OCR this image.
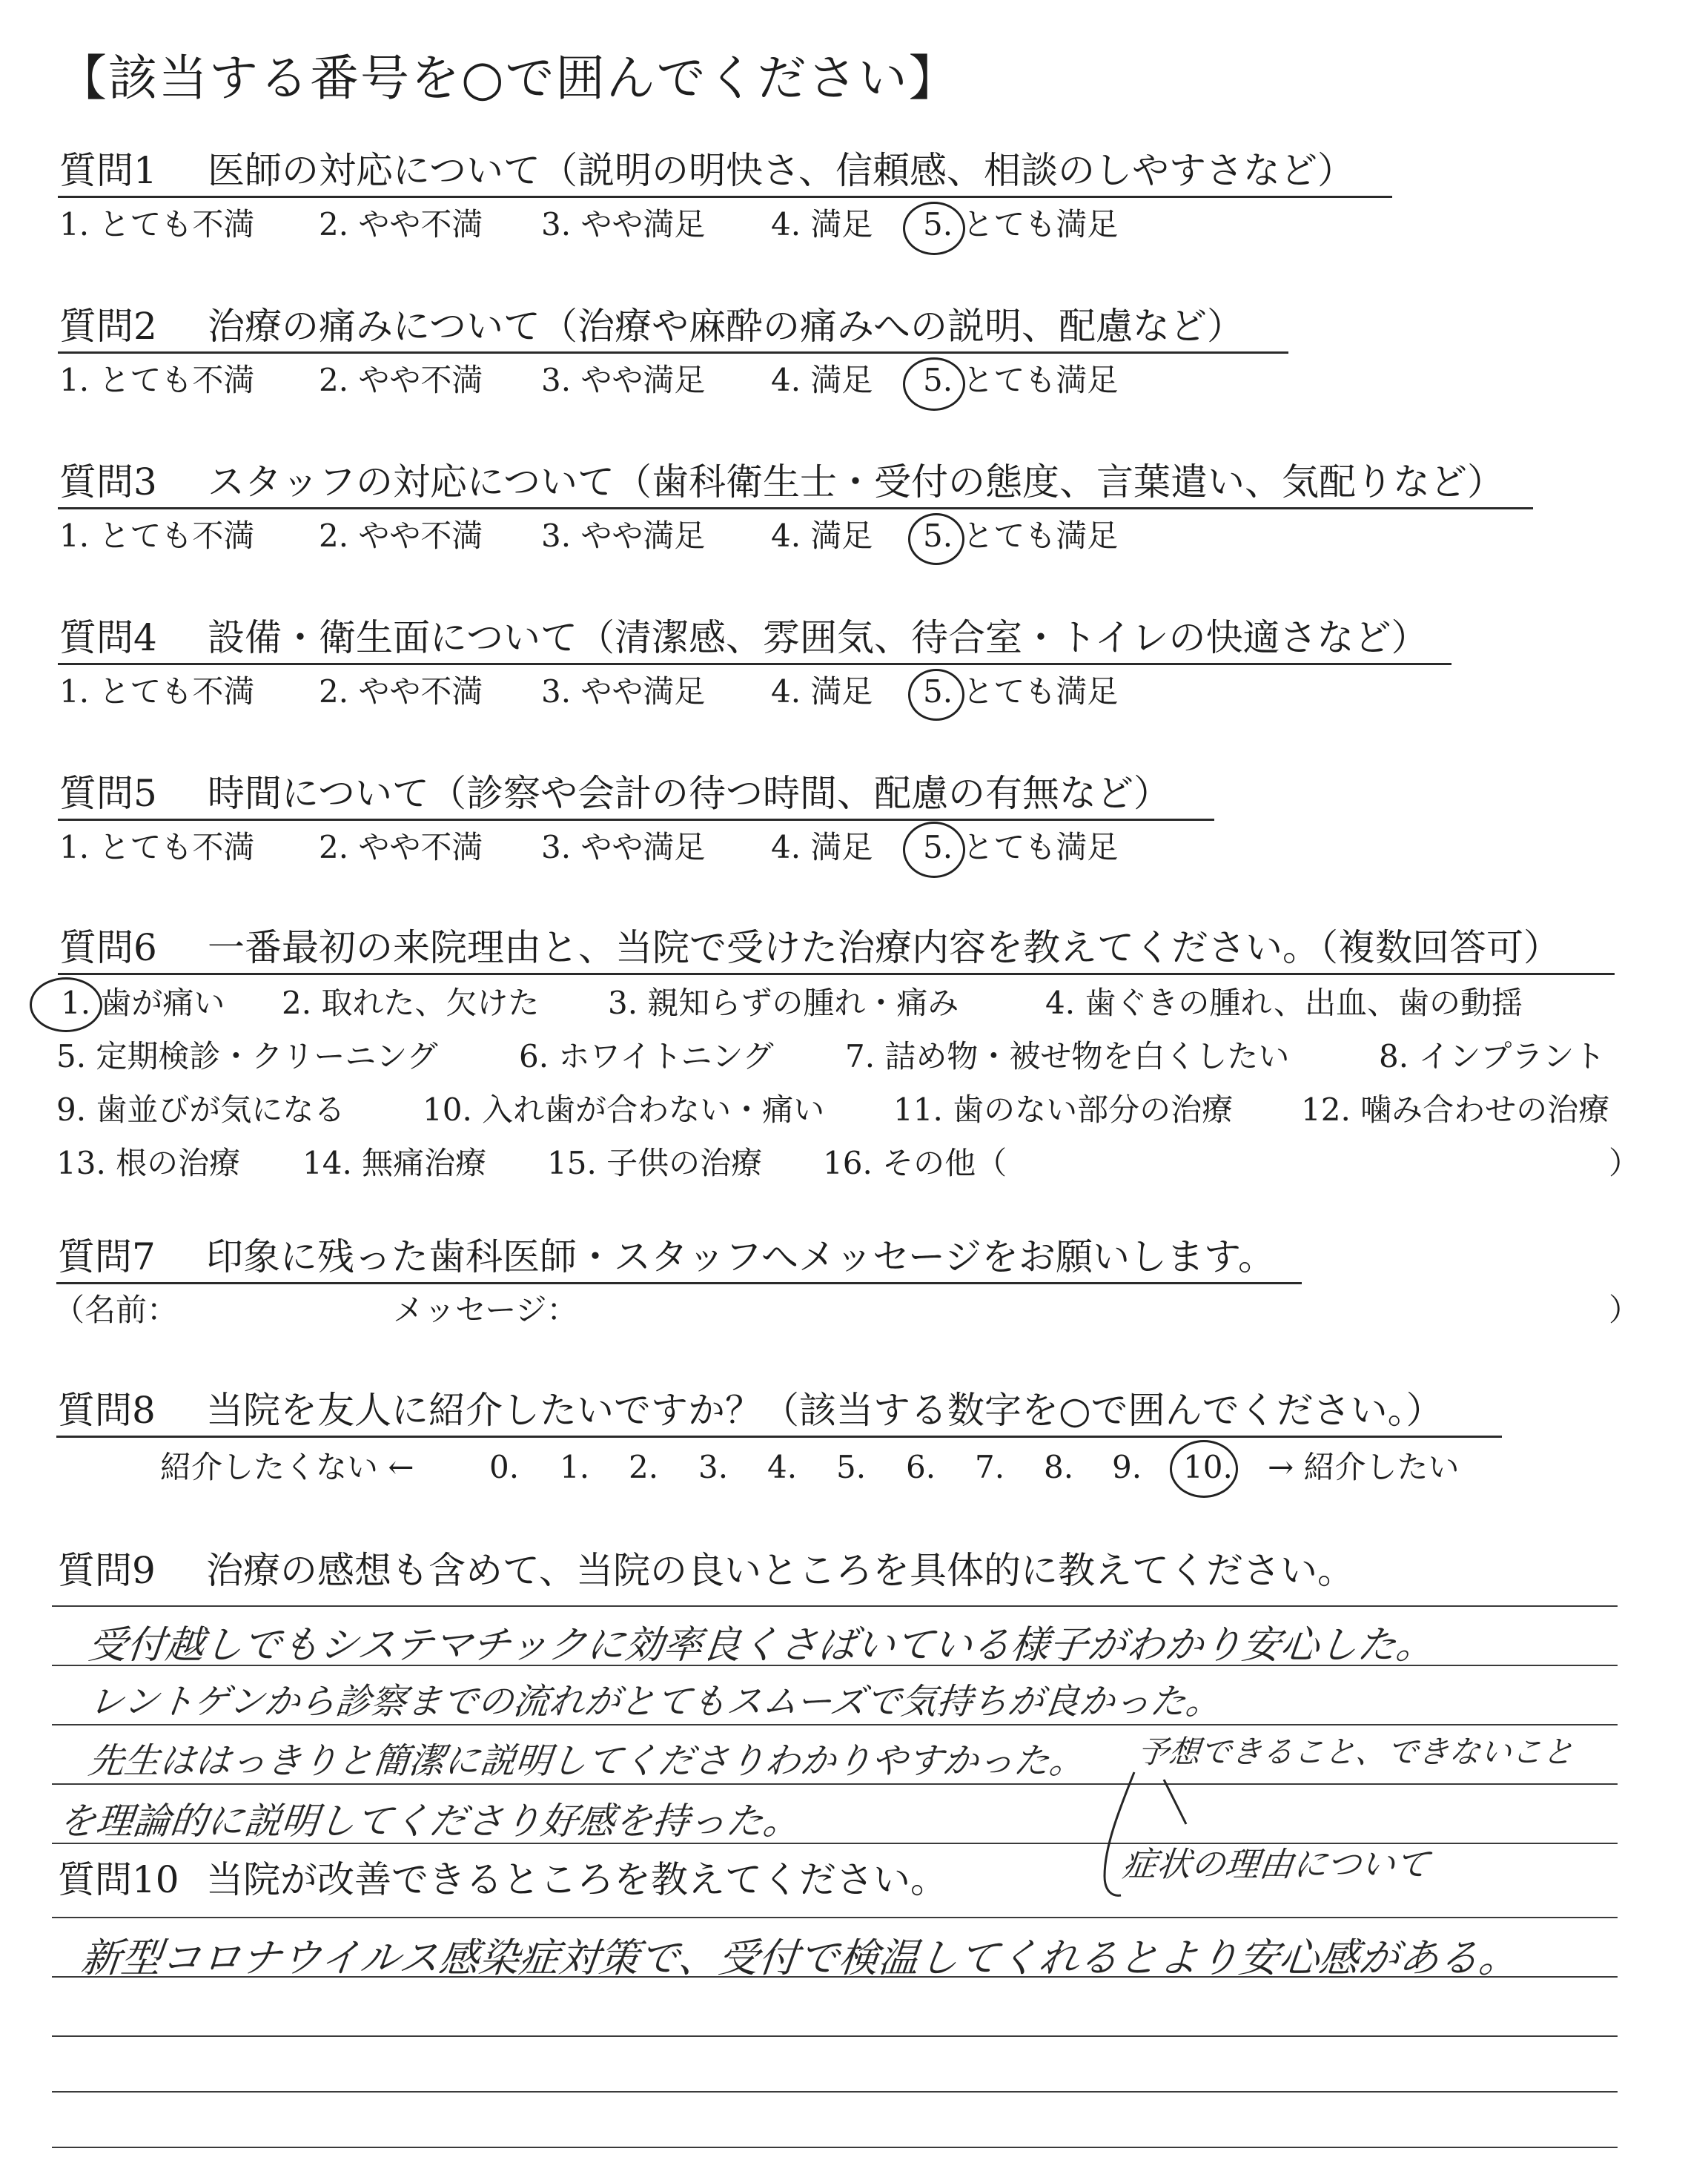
【該当する番号を○で囲んでください】
質問1 医師の対応について（説明の明快さ、信頼感、相談のしやすさなど）
1. とても不満 2. やや不満 3. やや満足 4. 満足 5. とても満足
質問2 治療の痛みについて（治療や麻酔の痛みへの説明、配慮など）
1. とても不満 2. やや不満 3. やや満足 4. 満足 5. とても満足
質問3 スタッフの対応について（歯科衛生士・受付の態度、言葉遣い、気配りなど）
1. とても不満 2. やや不満 3. やや満足 4. 満足 5. とても満足
質問4 設備・衛生面について（清潔感、雰囲気、待合室・トイレの快適さなど）
1. とても不満 2. やや不満 3. やや満足 4. 満足 5. とても満足
質問5 時間について（診察や会計の待つ時間、配慮の有無など）
1. とても不満 2. やや不満 3. やや満足 4. 満足 5. とても満足
質問6 一番最初の来院理由と、当院で受けた治療内容を教えてください。（複数回答可）
1. 歯が痛い 2. 取れた、欠けた 3. 親知らずの腫れ・痛み	4. 歯ぐきの腫れ、出血、歯の動揺
5. 定期検診・クリーニング	6. ホワイトニング 7. 詰め物・被せ物を白くしたい	8. インプラント
9. 歯並びが気になる 10. 入れ歯が合わない・痛い 11. 歯のない部分の治療 12. 噛み合わせの治療
13. 根の治療 14. 無痛治療 15. 子供の治療 16. その他（	）
質問7 印象に残った歯科医師・スタッフへメッセージをお願いします。
（名前：	メッセージ：	）
質問8 当院を友人に紹介したいですか？（該当する数字を○で囲んでください。）
紹介したくない ← 0. 1. 2. 3. 4. 5. 6. 7. 8. 9. 10. → 紹介したい
質問9 治療の感想も含めて、当院の良いところを具体的に教えてください。
受付越しでもシステマチックに効率良くさばいている様子がわかり安心した。
レントゲンから診察までの流れがとてもスムーズで気持ちが良かった。
先生ははっきりと簡潔に説明してくださりわかりやすかった。 予想できること、できないこと
を理論的に説明してくださり好感を持った。
症状の理由について
質問10 当院が改善できるところを教えてください。
新型コロナウイルス感染症対策で、受付で検温してくれるとより安心感がある。
